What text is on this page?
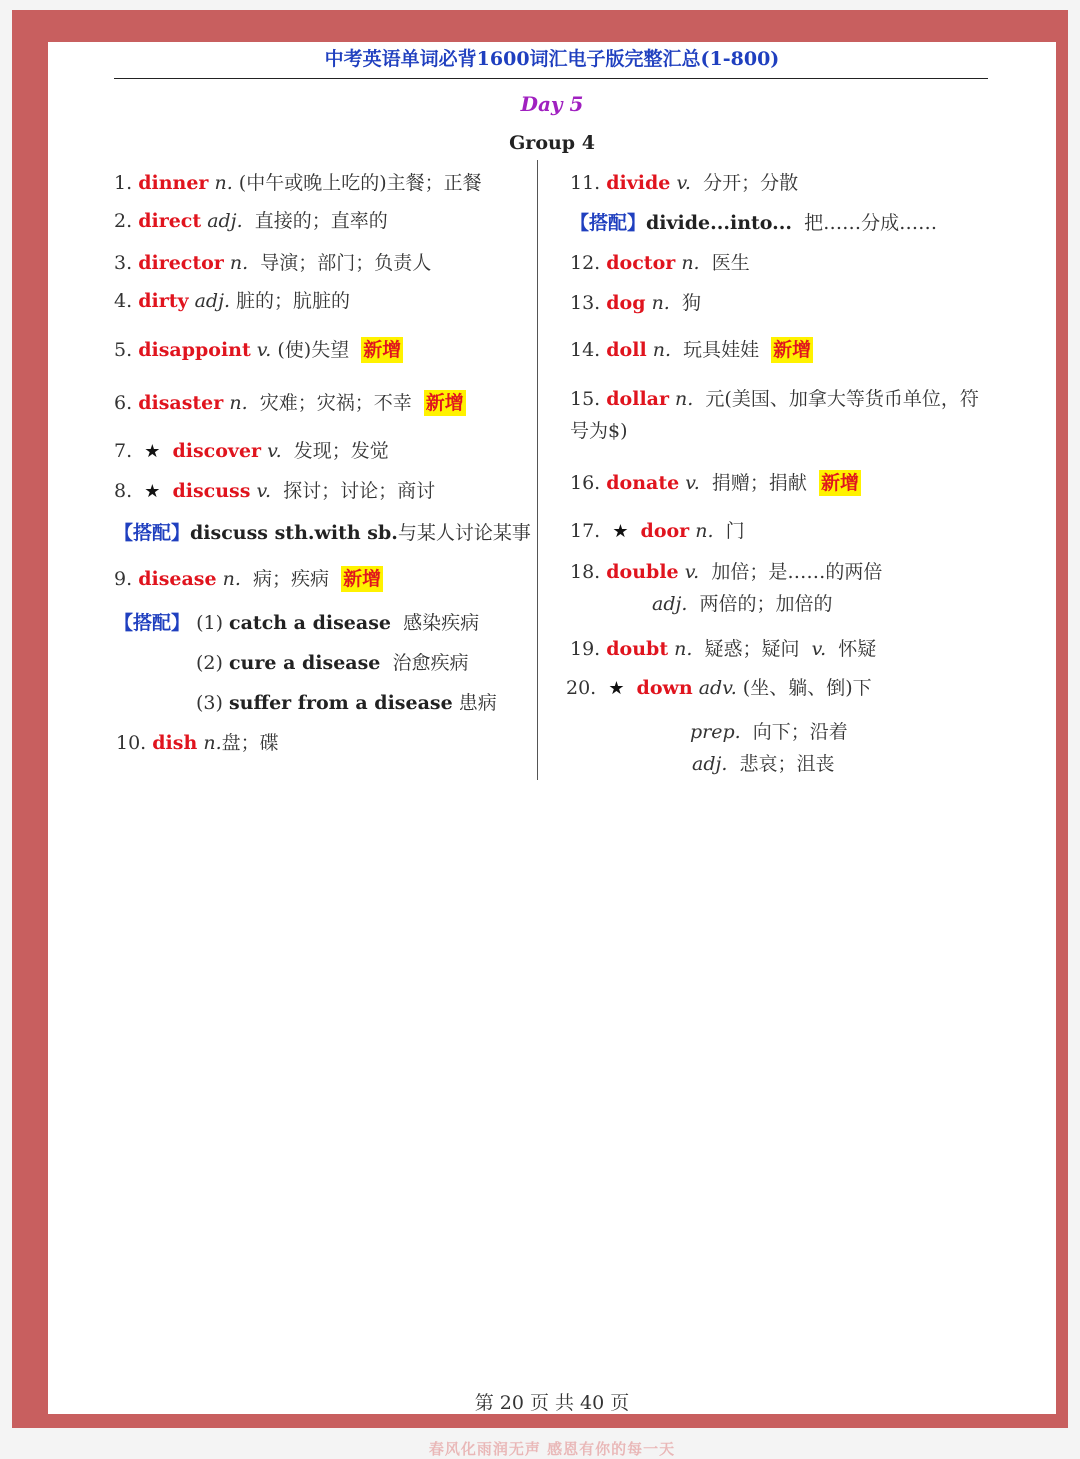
中考英语单词必背1600词汇电子版完整汇总(1-800)
Day 5
Group 4
1. dinner n. (中午或晚上吃的)主餐；正餐
2. direct adj. 直接的；直率的
3. director n. 导演；部门；负责人
4. dirty adj. 脏的；肮脏的
5. disappoint v. (使)失望 新增
6. disaster n. 灾难；灾祸；不幸 新增
7. ★ discover v. 发现；发觉
8. ★ discuss v. 探讨；讨论；商讨
【搭配】discuss sth.with sb.与某人讨论某事
9. disease n. 病；疾病 新增
【搭配】 (1) catch a disease 感染疾病
(2) cure a disease 治愈疾病
(3) suffer from a disease 患病
10. dish n.盘；碟
11. divide v. 分开；分散
【搭配】divide...into... 把……分成……
12. doctor n. 医生
13. dog n. 狗
14. doll n. 玩具娃娃 新增
15. dollar n. 元(美国、加拿大等货币单位，符
号为$)
16. donate v. 捐赠；捐献 新增
17. ★ door n. 门
18. double v. 加倍；是……的两倍
adj. 两倍的；加倍的
19. doubt n. 疑惑；疑问 v. 怀疑
20. ★ down adv. (坐、躺、倒)下
prep. 向下；沿着
adj. 悲哀；沮丧
第 20 页 共 40 页
春风化雨润无声 感恩有你的每一天
